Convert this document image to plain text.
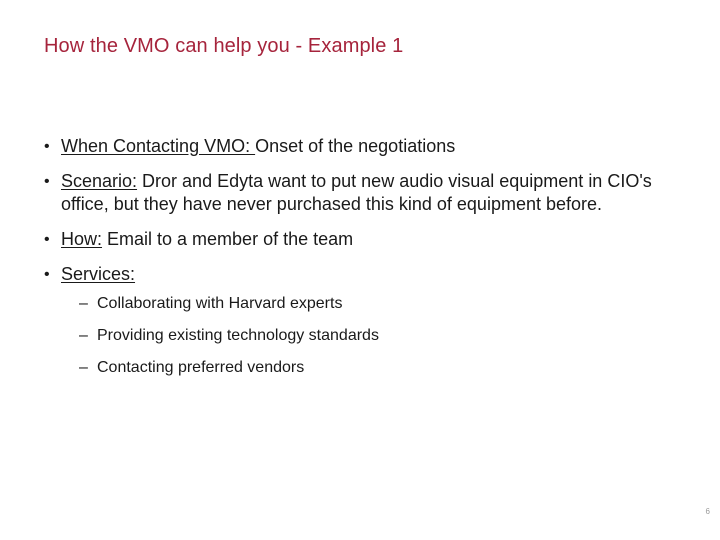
How the VMO can help you - Example 1
• When Contacting VMO: Onset of the negotiations
• Scenario: Dror and Edyta want to put new audio visual equipment in CIO's office, but they have never purchased this kind of equipment before.
• How: Email to a member of the team
• Services:
– Collaborating with Harvard experts
– Providing existing technology standards
– Contacting preferred vendors
6
